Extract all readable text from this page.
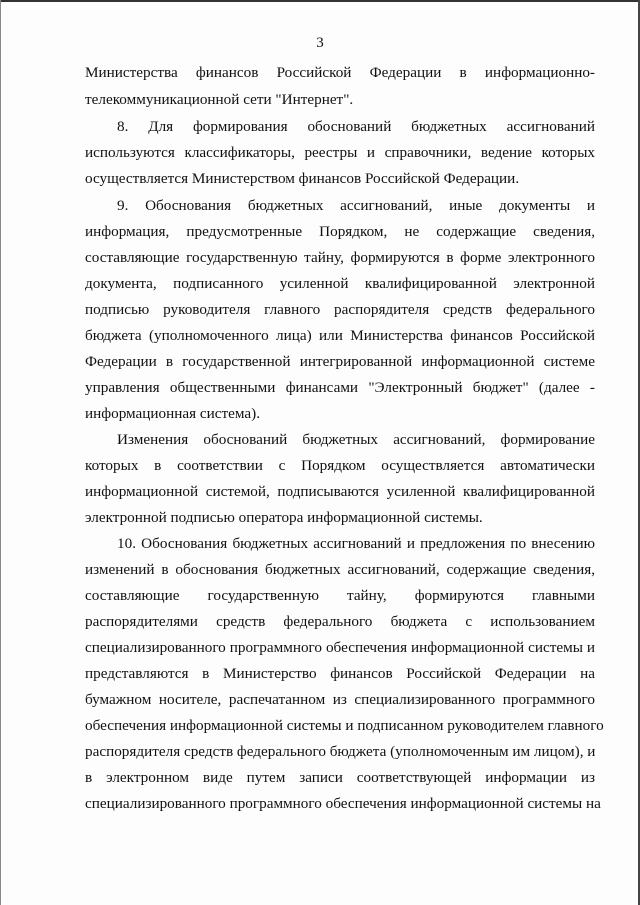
3
Министерства финансов Российской Федерации в информационно-
телекоммуникационной сети "Интернет".
8. Для формирования обоснований бюджетных ассигнований
используются классификаторы, реестры и справочники, ведение которых
осуществляется Министерством финансов Российской Федерации.
9. Обоснования бюджетных ассигнований, иные документы и
информация, предусмотренные Порядком, не содержащие сведения,
составляющие государственную тайну, формируются в форме электронного
документа, подписанного усиленной квалифицированной электронной
подписью руководителя главного распорядителя средств федерального
бюджета (уполномоченного лица) или Министерства финансов Российской
Федерации в государственной интегрированной информационной системе
управления общественными финансами "Электронный бюджет" (далее -
информационная система).
Изменения обоснований бюджетных ассигнований, формирование
которых в соответствии с Порядком осуществляется автоматически
информационной системой, подписываются усиленной квалифицированной
электронной подписью оператора информационной системы.
10. Обоснования бюджетных ассигнований и предложения по внесению
изменений в обоснования бюджетных ассигнований, содержащие сведения,
составляющие государственную тайну, формируются главными
распорядителями средств федерального бюджета с использованием
специализированного программного обеспечения информационной системы и
представляются в Министерство финансов Российской Федерации на
бумажном носителе, распечатанном из специализированного программного
обеспечения информационной системы и подписанном руководителем главного
распорядителя средств федерального бюджета (уполномоченным им лицом), и
в электронном виде путем записи соответствующей информации из
специализированного программного обеспечения информационной системы на
